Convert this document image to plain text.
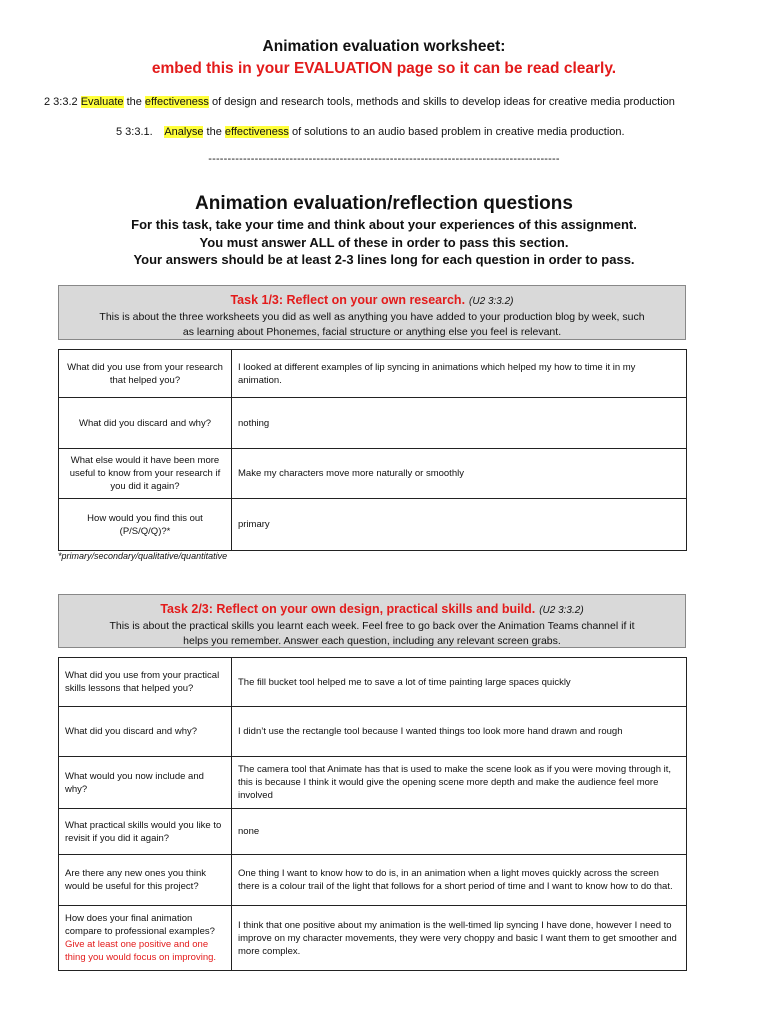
Animation evaluation worksheet:
embed this in your EVALUATION page so it can be read clearly.
2 3:3.2 Evaluate the effectiveness of design and research tools, methods and skills to develop ideas for creative media production
5 3:3.1.    Analyse the effectiveness of solutions to an audio based problem in creative media production.
-------------------------------------------------------------------------------------------
Animation evaluation/reflection questions
For this task, take your time and think about your experiences of this assignment.
You must answer ALL of these in order to pass this section.
Your answers should be at least 2-3 lines long for each question in order to pass.
Task 1/3: Reflect on your own research. (U2 3:3.2)
This is about the three worksheets you did as well as anything you have added to your production blog by week, such
as learning about Phonemes, facial structure or anything else you feel is relevant.
What did you use from your research that helped you?	I looked at different examples of lip syncing in animations which helped my how to time it in my animation.
What did you discard and why?	nothing
What else would it have been more useful to know from your research if you did it again?	Make my characters move more naturally or smoothly
How would you find this out (P/S/Q/Q)?*	primary
*primary/secondary/qualitative/quantitative
Task 2/3: Reflect on your own design, practical skills and build. (U2 3:3.2)
This is about the practical skills you learnt each week. Feel free to go back over the Animation Teams channel if it
helps you remember. Answer each question, including any relevant screen grabs.
What did you use from your practical skills lessons that helped you?	The fill bucket tool helped me to save a lot of time painting large spaces quickly
What did you discard and why?	I didn’t use the rectangle tool because I wanted things too look more hand drawn and rough
What would you now include and why?	The camera tool that Animate has that is used to make the scene look as if you were moving through it, this is because I think it would give the opening scene more depth and make the audience feel more involved
What practical skills would you like to revisit if you did it again?	none
Are there any new ones you think would be useful for this project?	One thing I want to know how to do is, in an animation when a light moves quickly across the screen there is a colour trail of the light that follows for a short period of time and I want to know how to do that.
How does your final animation compare to professional examples? Give at least one positive and one thing you would focus on improving.	I think that one positive about my animation is the well-timed lip syncing I have done, however I need to improve on my character movements, they were very choppy and basic I want them to get smoother and more complex.
